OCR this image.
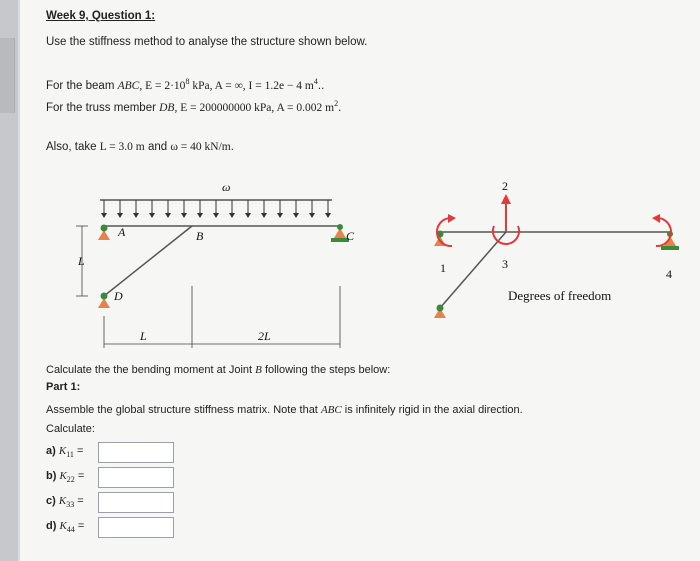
Week 9, Question 1:
Use the stiffness method to analyse the structure shown below.
For the beam ABC, $E = 2\cdot 10^8$ kPa, A = ∞, I = 1.2e − 4 $m^4$..
For the truss member DB, E = 200000000 kPa, A = 0.002 $m^2$.
Also, take L = 3.0 m and ω = 40 kN/m.
ω
A	B	C
D
L
L	2L
1
2
3
4
Degrees of freedom
Calculate the the bending moment at Joint B following the steps below:
Part 1:
Assemble the global structure stiffness matrix. Note that ABC is infinitely rigid in the axial direction.
Calculate:
a) $K_{11}$ =
b) $K_{22}$ =
c) $K_{33}$ =
d) $K_{44}$ =
